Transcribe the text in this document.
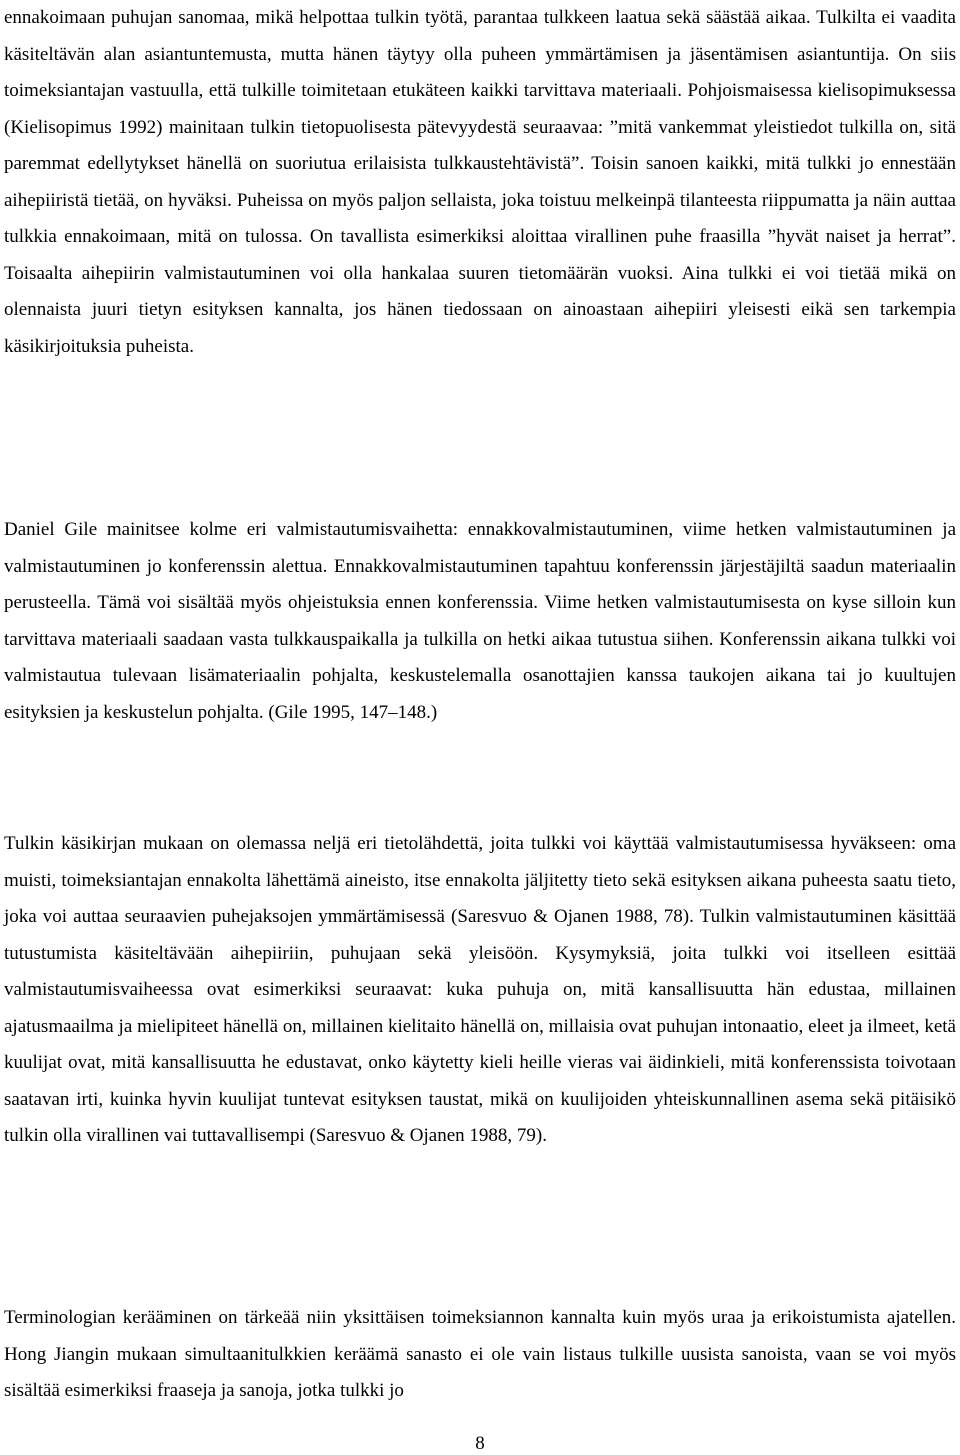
ennakoimaan puhujan sanomaa, mikä helpottaa tulkin työtä, parantaa tulkkeen laatua sekä säästää aikaa. Tulkilta ei vaadita käsiteltävän alan asiantuntemusta, mutta hänen täytyy olla puheen ymmärtämisen ja jäsentämisen asiantuntija. On siis toimeksiantajan vastuulla, että tulkille toimitetaan etukäteen kaikki tarvittava materiaali. Pohjoismaisessa kielisopimuksessa (Kielisopimus 1992) mainitaan tulkin tietopuolisesta pätevyydestä seuraavaa: ”mitä vankemmat yleistiedot tulkilla on, sitä paremmat edellytykset hänellä on suoriutua erilaisista tulkkaustehtävistä”. Toisin sanoen kaikki, mitä tulkki jo ennestään aihepiiristä tietää, on hyväksi. Puheissa on myös paljon sellaista, joka toistuu melkeinpä tilanteesta riippumatta ja näin auttaa tulkkia ennakoimaan, mitä on tulossa. On tavallista esimerkiksi aloittaa virallinen puhe fraasilla ”hyvät naiset ja herrat”. Toisaalta aihepiirin valmistautuminen voi olla hankalaa suuren tietomäärän vuoksi. Aina tulkki ei voi tietää mikä on olennaista juuri tietyn esityksen kannalta, jos hänen tiedossaan on ainoastaan aihepiiri yleisesti eikä sen tarkempia käsikirjoituksia puheista.

Daniel Gile mainitsee kolme eri valmistautumisvaihetta: ennakkovalmistautuminen, viime hetken valmistautuminen ja valmistautuminen jo konferenssin alettua. Ennakkovalmistautuminen tapahtuu konferenssin järjestäjiltä saadun materiaalin perusteella. Tämä voi sisältää myös ohjeistuksia ennen konferenssia. Viime hetken valmistautumisesta on kyse silloin kun tarvittava materiaali saadaan vasta tulkkauspaikalla ja tulkilla on hetki aikaa tutustua siihen. Konferenssin aikana tulkki voi valmistautua tulevaan lisämateriaalin pohjalta, keskustelemalla osanottajien kanssa taukojen aikana tai jo kuultujen esityksien ja keskustelun pohjalta. (Gile 1995, 147–148.)

Tulkin käsikirjan mukaan on olemassa neljä eri tietolähdettä, joita tulkki voi käyttää valmistautumisessa hyväkseen: oma muisti, toimeksiantajan ennakolta lähettämä aineisto, itse ennakolta jäljitetty tieto sekä esityksen aikana puheesta saatu tieto, joka voi auttaa seuraavien puhejaksojen ymmärtämisessä (Saresvuo & Ojanen 1988, 78). Tulkin valmistautuminen käsittää tutustumista käsiteltävään aihepiiriin, puhujaan sekä yleisöön. Kysymyksiä, joita tulkki voi itselleen esittää valmistautumisvaiheessa ovat esimerkiksi seuraavat: kuka puhuja on, mitä kansallisuutta hän edustaa, millainen ajatusmaailma ja mielipiteet hänellä on, millainen kielitaito hänellä on, millaisia ovat puhujan intonaatio, eleet ja ilmeet, ketä kuulijat ovat, mitä kansallisuutta he edustavat, onko käytetty kieli heille vieras vai äidinkieli, mitä konferenssista toivotaan saatavan irti, kuinka hyvin kuulijat tuntevat esityksen taustat, mikä on kuulijoiden yhteiskunnallinen asema sekä pitäisikö tulkin olla virallinen vai tuttavallisempi (Saresvuo & Ojanen 1988, 79).

Terminologian kerääminen on tärkeää niin yksittäisen toimeksiannon kannalta kuin myös uraa ja erikoistumista ajatellen. Hong Jiangin mukaan simultaanitulkkien keräämä sanasto ei ole vain listaus tulkille uusista sanoista, vaan se voi myös sisältää esimerkiksi fraaseja ja sanoja, jotka tulkki jo

8
